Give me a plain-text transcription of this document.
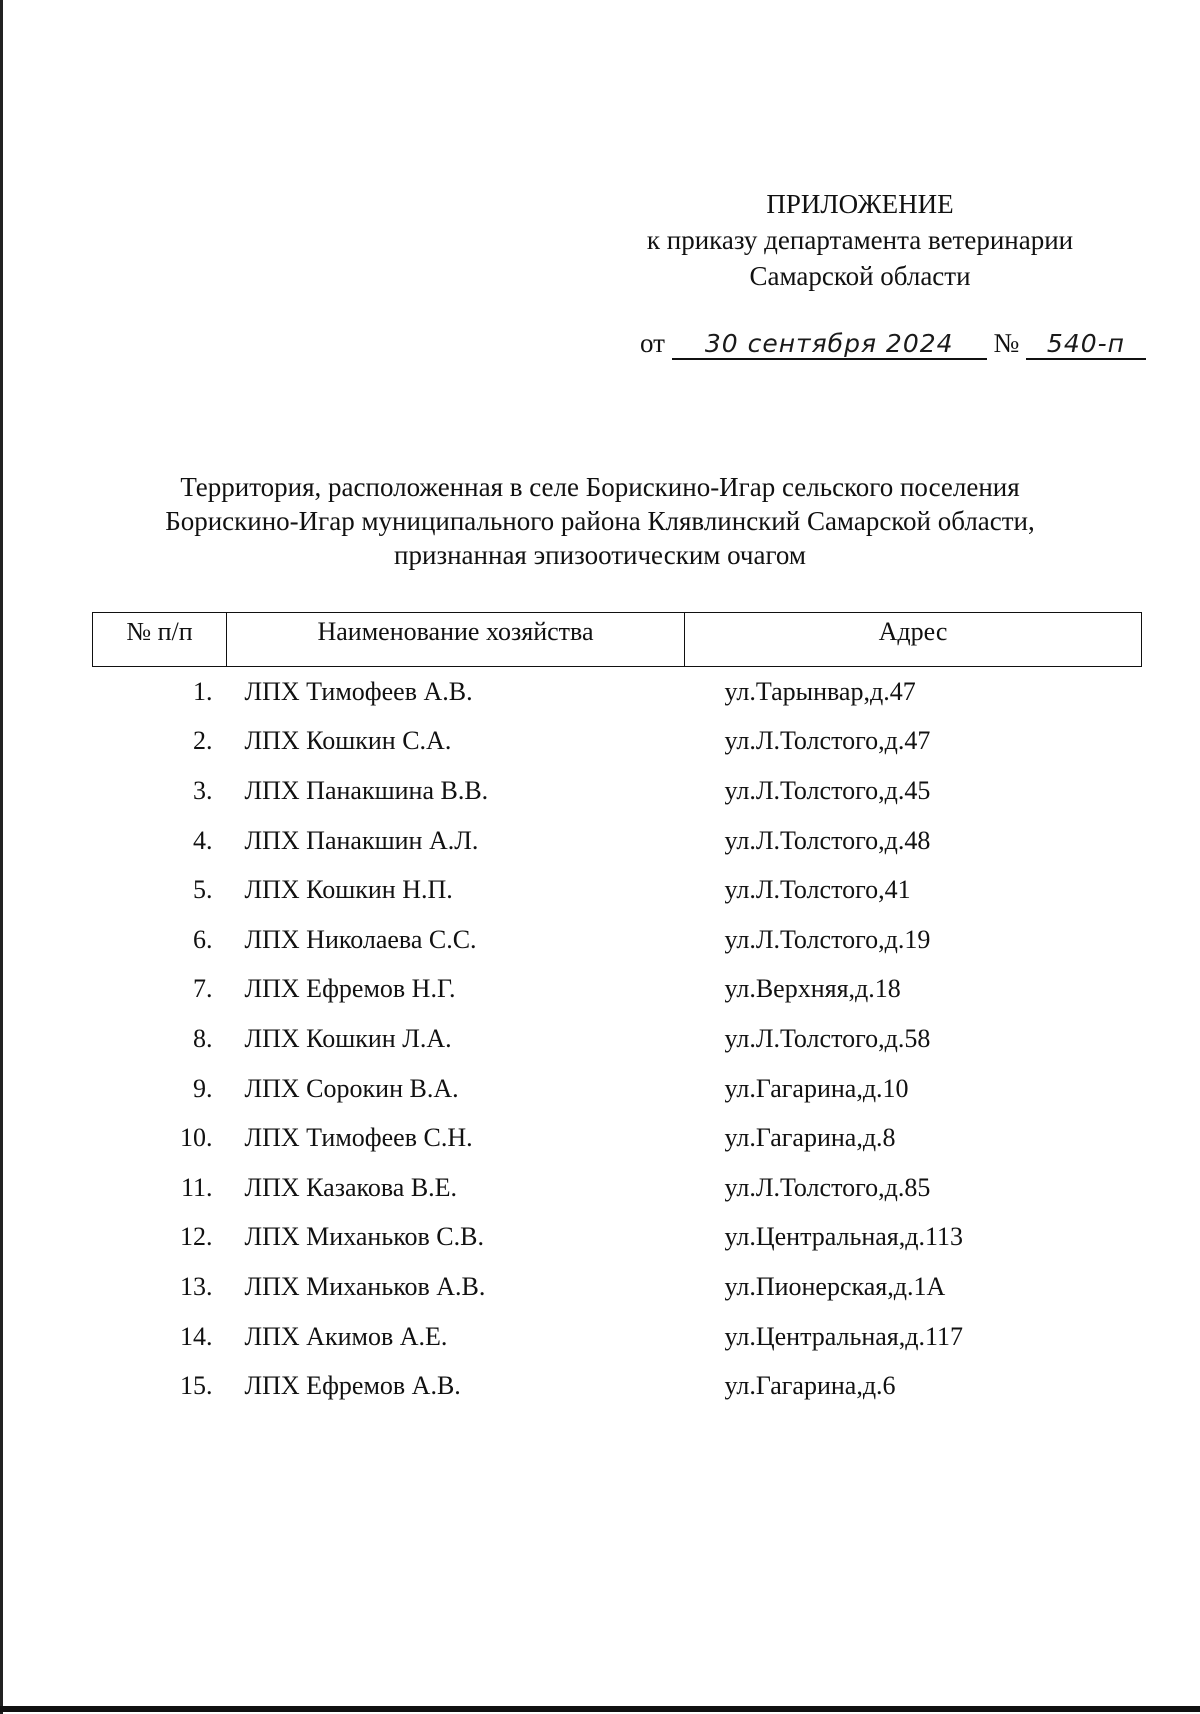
ПРИЛОЖЕНИЕ
к приказу департамента ветеринарии
Самарской области
от 30 сентября 2024 № 540-п
Территория, расположенная в селе Борискино-Игар сельского поселения
Борискино-Игар муниципального района Клявлинский Самарской области,
признанная эпизоотическим очагом
№ п/п	Наименование хозяйства	Адрес
1.	ЛПХ Тимофеев А.В.	ул.Тарынвар,д.47
2.	ЛПХ Кошкин С.А.	ул.Л.Толстого,д.47
3.	ЛПХ Панакшина В.В.	ул.Л.Толстого,д.45
4.	ЛПХ Панакшин А.Л.	ул.Л.Толстого,д.48
5.	ЛПХ Кошкин Н.П.	ул.Л.Толстого,41
6.	ЛПХ Николаева С.С.	ул.Л.Толстого,д.19
7.	ЛПХ Ефремов Н.Г.	ул.Верхняя,д.18
8.	ЛПХ Кошкин Л.А.	ул.Л.Толстого,д.58
9.	ЛПХ Сорокин В.А.	ул.Гагарина,д.10
10.	ЛПХ Тимофеев С.Н.	ул.Гагарина,д.8
11.	ЛПХ Казакова В.Е.	ул.Л.Толстого,д.85
12.	ЛПХ Миханьков С.В.	ул.Центральная,д.113
13.	ЛПХ Миханьков А.В.	ул.Пионерская,д.1А
14.	ЛПХ Акимов А.Е.	ул.Центральная,д.117
15.	ЛПХ Ефремов А.В.	ул.Гагарина,д.6
